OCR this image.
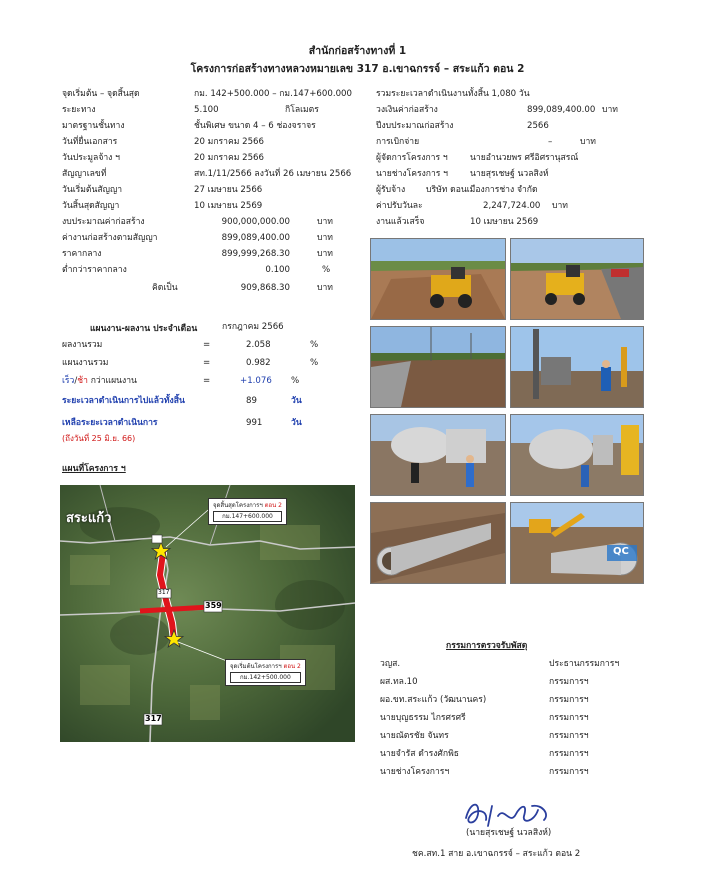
สำนักก่อสร้างทางที่ 1
โครงการก่อสร้างทางหลวงหมายเลข 317 อ.เขาฉกรรจ์ – สระแก้ว ตอน 2
จุดเริ่มต้น – จุดสิ้นสุด	กม. 142+500.000 – กม.147+600.000
ระยะทาง	5.100	กิโลเมตร
มาตรฐานชั้นทาง	ชั้นพิเศษ ขนาด 4 – 6 ช่องจราจร
วันที่ยื่นเอกสาร	20 มกราคม 2566
วันประมูลจ้าง ฯ	20 มกราคม 2566
สัญญาเลขที่	สท.1/11/2566 ลงวันที่ 26 เมษายน 2566
วันเริ่มต้นสัญญา	27 เมษายน 2566
วันสิ้นสุดสัญญา	10 เมษายน 2569
งบประมาณค่าก่อสร้าง	900,000,000.00	บาท
ค่างานก่อสร้างตามสัญญา	899,089,400.00	บาท
ราคากลาง	899,999,268.30	บาท
ต่ำกว่าราคากลาง	0.100	%
คิดเป็น	909,868.30	บาท
รวมระยะเวลาดำเนินงานทั้งสิ้น 1,080 วัน
วงเงินค่าก่อสร้าง	899,089,400.00 บาท
ปีงบประมาณก่อสร้าง	2566
การเบิกจ่าย	–	บาท
ผู้จัดการโครงการ ฯ	นายอำนวยพร ศรีอิศรานุสรณ์
นายช่างโครงการ ฯ	นายสุรเชษฐ์ นวลสิงห์
ผู้รับจ้าง บริษัท ดอนเมืองการช่าง จำกัด
ค่าปรับวันละ	2,247,724.00 บาท
งานแล้วเสร็จ	10 เมษายน 2569
แผนงาน-ผลงาน ประจำเดือน	กรกฎาคม 2566
ผลงานรวม	=	2.058	%
แผนงานรวม	=	0.982	%
เร็ว/ช้า กว่าแผนงาน	=	+1.076 %
ระยะเวลาดำเนินการไปแล้วทั้งสิ้น	89	วัน
เหลือระยะเวลาดำเนินการ	991	วัน
(ถึงวันที่ 25 มิ.ย. 66)
แผนที่โครงการ ฯ
สระแก้ว
317
359
317
จุดสิ้นสุดโครงการฯ ตอน 2
กม.147+600.000
จุดเริ่มต้นโครงการฯ ตอน 2
กม.142+500.000
QC
กรรมการตรวจรับพัสดุ
วญส.	ประธานกรรมการฯ
ผส.ทล.10	กรรมการฯ
ผอ.ขท.สระแก้ว (วัฒนานคร)	กรรมการฯ
นายบุญธรรม ไกรศรศรี	กรรมการฯ
นายณัตรชัย จันทร	กรรมการฯ
นายจำรัส ดำรงศักพิธ	กรรมการฯ
นายช่างโครงการฯ	กรรมการฯ
(นายสุรเชษฐ์ นวลสิงห์)
ชค.สท.1 สาย อ.เขาฉกรรจ์ – สระแก้ว ตอน 2
